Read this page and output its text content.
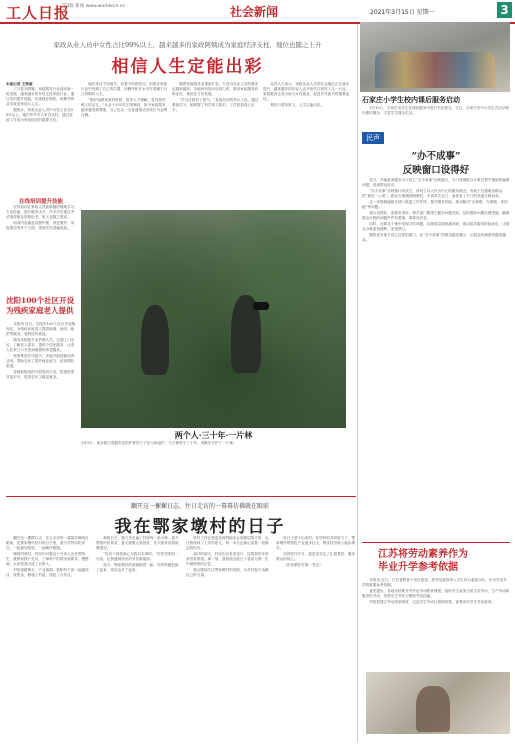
工人日报
第3版 新闻 www.workercn.cn	社会新闻	2021年3月15日 星期一	3
家政从业人员中女性占比99%以上，越来越多的家政阿姨成为家庭经济支柱，地位也随之上升
相信人生定能出彩
本报记者 王维砚

三月春光明媚，家政服务行业迎来新一轮发展，越来越多的女性走进家政行业，通过培训提升技能，实现就业增收，用勤劳的双手改变家庭与人生。

据统计，家政从业人员中女性占比在99%以上，她们中许多人来自农村，通过家政工作成为家庭经济的重要支柱。

在线培训提升技能

在线培训让家政人员能够随时随地学习专业技能，提升服务水平，许多学员通过考试取得职业资格证书，收入也随之提高。

培训内容涵盖母婴护理、养老照护、家庭保洁等多个方面，受到学员普遍欢迎。

沈阳100个社区开设
为残疾家庭老人提供

本报讯 近日，沈阳市100个社区开设服务站，为残疾家庭老人提供助餐、助浴、助医等服务，受到居民欢迎。

服务站配备专业护理人员，定期上门走访，了解老人需求，提供个性化服务，让老人在家门口享受到便捷的养老服务。

贵州推进乡村振兴，多地开展技能培训活动，帮助农民工提升就业能力，拓宽增收渠道。

各地积极组织开展春风行动，搭建供需对接平台，促进农民工稳定就业。

她们来自不同地方，有着不同的经历，但都在家政行业中找到了自己的位置，用勤劳和汗水书写着属于自己的精彩人生。

“刚开始做家政的时候，很多人不理解，觉得是伺候人的活儿。”从业十余年的王阿姨说，如今家政服务越来越受到尊重，自己也从一名普通保洁员成长为金牌月嫂。

随着家政服务业提质扩容，行业对从业人员的要求也越来越高，各地纷纷加大培训力度，推动家政服务向职业化、规范化方向发展。

“学习让我有了底气。”参加培训的李女士说，通过系统学习，她掌握了科学育儿知识，工作更加得心应手。

业内人士表示，家政从业人员的社会地位正在逐步提升，越来越多的年轻人也开始关注和进入这一行业，家政服务正成为助力女性就业、促进乡村振兴的重要途径。

相信只要肯努力，人生定能出彩。

两个人·三十年·一片林
3月9日，来自浙江省磐安县的护林员父子在山间巡护。父子俩坚守三十年，用脚步守护了一片林。
翻开这一摞摞日志，往日走访的一幕幕仿佛就在眼前
我在鄂家墩村的日子

翻开这一摞摞日志，往日走访的一幕幕仿佛就在眼前。在鄂家墩村驻村的日子里，我与村民同吃同住，一起谋划发展，一起解决难题。

刚到村里时，村民们对我这个外来人还有些陌生，我挨家挨户走访，了解每户的情况和需求，慢慢地，大家把我当成了自家人。

村里道路难走、产业薄弱，我和村干部一起跑项目、找资金，修通了村道，建起了合作社。

那段日子，我几乎走遍了村里每一条小路。春天帮着村民育苗，夏天跟着大家抢收，冬天挨家查看取暖情况。

“你们干部是真心为我们办事的。”村民老张的一句话，让我感到所有的辛苦都值得。

如今，鄂家墩村的面貌焕然一新，村民的腰包鼓了起来，笑容也多了起来。

驻村工作让我更加深刻地体会到基层的不易，也让我找到了工作的意义。每一本日志都记录着一段难忘的经历。

离开的那天，村民们自发来送行，拉着我的手说常回来看看。那一刻，我知道这段日子将成为我一生中最珍贵的记忆。

我会继续关注鄂家墩村的发展，为乡村振兴贡献自己的力量。

好日子是干出来的。在村民的共同努力下，鄂家墩村的特色产业逐步壮大，集体经济收入稳步增长。

回首驻村岁月，我更加坚定了扎根基层、服务群众的初心。

（作者系驻村第一书记）

石家庄小学生校内课后服务启动

3月15日，石家庄市学生在课后服务中进行书法练习。当日，石家庄市中小学正式启动校内课后服务，丰富学生课余生活。

民声
“办不成事”
反映窗口设得好

近日，多地政务服务大厅设立“办不成事”反映窗口，专门受理群众办事过程中遇到的疑难问题，受到群众好评。

“办不成事”反映窗口的设立，体现了以人民为中心的服务理念，有助于打通服务群众的“最后一公里”。群众办事遇到困难时，不再求告无门，而是有了专门的渠道反映诉求。

这一举措倒逼相关部门改进工作作风，提升服务效能，推动解决“办事难、办事慢、来回跑”等问题。

窗口设得好，更要用得好。相关部门要建立健全问题台账，及时跟踪问题办理进展，确保群众反映的问题件件有着落、事事有回音。

同时，还要从个案中发现共性问题，从制度层面查漏补缺，推动政务服务持续优化，让群众办事更加便利、更加舒心。

期待更多地方设立这样的窗口，让“办不成事”的情况越来越少，让群众的满意度越来越高。

江苏将劳动素养作为
毕业升学参考依据

本报讯 近日，江苏省教育厅出台意见，将劳动素养纳入学生综合素质评价，作为毕业升学的重要参考依据。

意见提出，各地各校要开齐开足劳动教育课程，组织学生参加日常生活劳动、生产劳动和服务性劳动，培养学生劳动习惯和劳动技能。

学校将建立劳动清单制度，记录学生劳动过程和结果，客观评价学生劳动素养。
